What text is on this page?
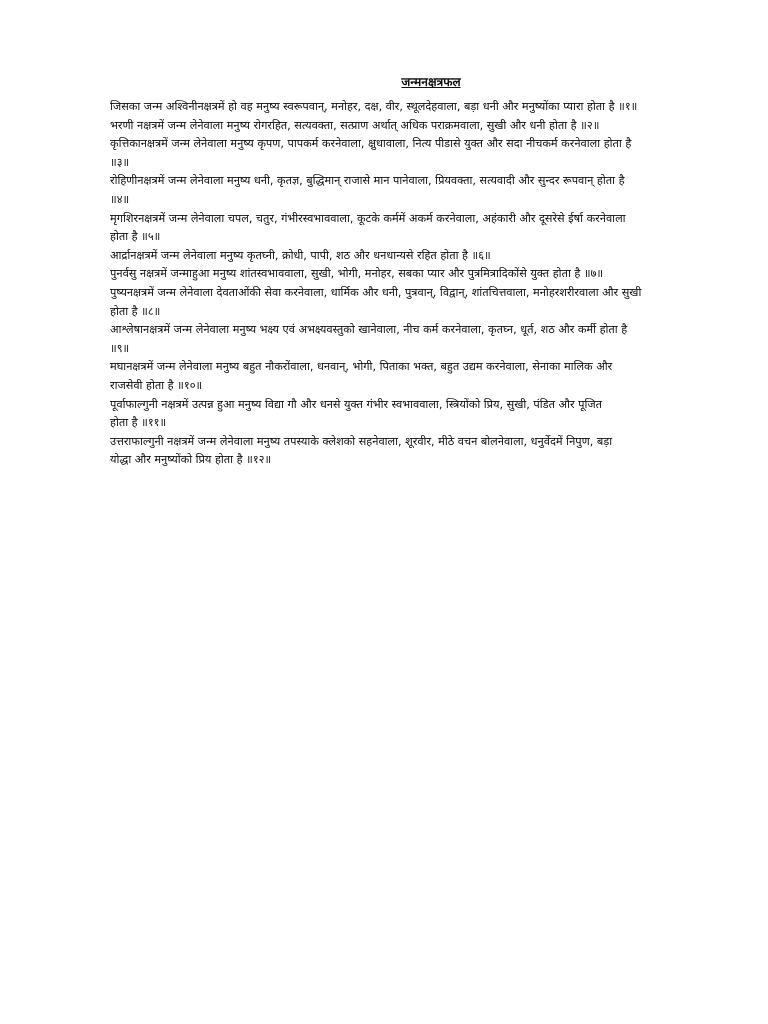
जन्मनक्षत्रफल
जिसका जन्म अश्विनीनक्षत्रमें हो वह मनुष्य स्वरूपवान्, मनोहर, दक्ष, वीर, स्थूलदेहवाला, बड़ा धनी और मनुष्योंका प्यारा होता है ॥१॥
भरणी नक्षत्रमें जन्म लेनेवाला मनुष्य रोगरहित, सत्यवक्ता, सत्प्राण अर्थात् अधिक पराक्रमवाला, सुखी और धनी होता है ॥२॥
कृत्तिकानक्षत्रमें जन्म लेनेवाला मनुष्य कृपण, पापकर्म करनेवाला, क्षुधावाला, नित्य पीडासे युक्त और सदा नीचकर्म करनेवाला होता है
॥३॥
रोहिणीनक्षत्रमें जन्म लेनेवाला मनुष्य धनी, कृतज्ञ, बुद्धिमान् राजासे मान पानेवाला, प्रियवक्ता, सत्यवादी और सुन्दर रूपवान् होता है
॥४॥
मृगशिरनक्षत्रमें जन्म लेनेवाला चपल, चतुर, गंभीरस्वभाववाला, कूटके कर्ममें अकर्म करनेवाला, अहंकारी और दूसरेसे ईर्षा करनेवाला
होता है ॥५॥
आर्द्रानक्षत्रमें जन्म लेनेवाला मनुष्य कृतघ्नी, क्रोधी, पापी, शठ और धनधान्यसे रहित होता है ॥६॥
पुनर्वसु नक्षत्रमें जन्माहुआ मनुष्य शांतस्वभाववाला, सुखी, भोगी, मनोहर, सबका प्यार और पुत्रमित्रादिकोंसे युक्त होता है ॥७॥
पुष्यनक्षत्रमें जन्म लेनेवाला देवताओंकी सेवा करनेवाला, धार्मिक और धनी, पुत्रवान्, विद्वान्, शांतचित्तवाला, मनोहरशरीरवाला और सुखी
होता है ॥८॥
आश्लेषानक्षत्रमें जन्म लेनेवाला मनुष्य भक्ष्य एवं अभक्ष्यवस्तुको खानेवाला, नीच कर्म करनेवाला, कृतघ्न, धूर्त, शठ और कर्मी होता है
॥९॥
मघानक्षत्रमें जन्म लेनेवाला मनुष्य बहुत नौकरोंवाला, धनवान्, भोगी, पिताका भक्त, बहुत उद्यम करनेवाला, सेनाका मालिक और
राजसेवी होता है ॥१०॥
पूर्वाफाल्गुनी नक्षत्रमें उत्पन्न हुआ मनुष्य विद्या गौ और धनसे युक्त गंभीर स्वभाववाला, स्त्रियोंको प्रिय, सुखी, पंडित और पूजित
होता है ॥११॥
उत्तराफाल्गुनी नक्षत्रमें जन्म लेनेवाला मनुष्य तपस्याके क्लेशको सहनेवाला, शूरवीर, मीठे वचन बोलनेवाला, धनुर्वेदमें निपुण, बड़ा
योद्धा और मनुष्योंको प्रिय होता है ॥१२॥
